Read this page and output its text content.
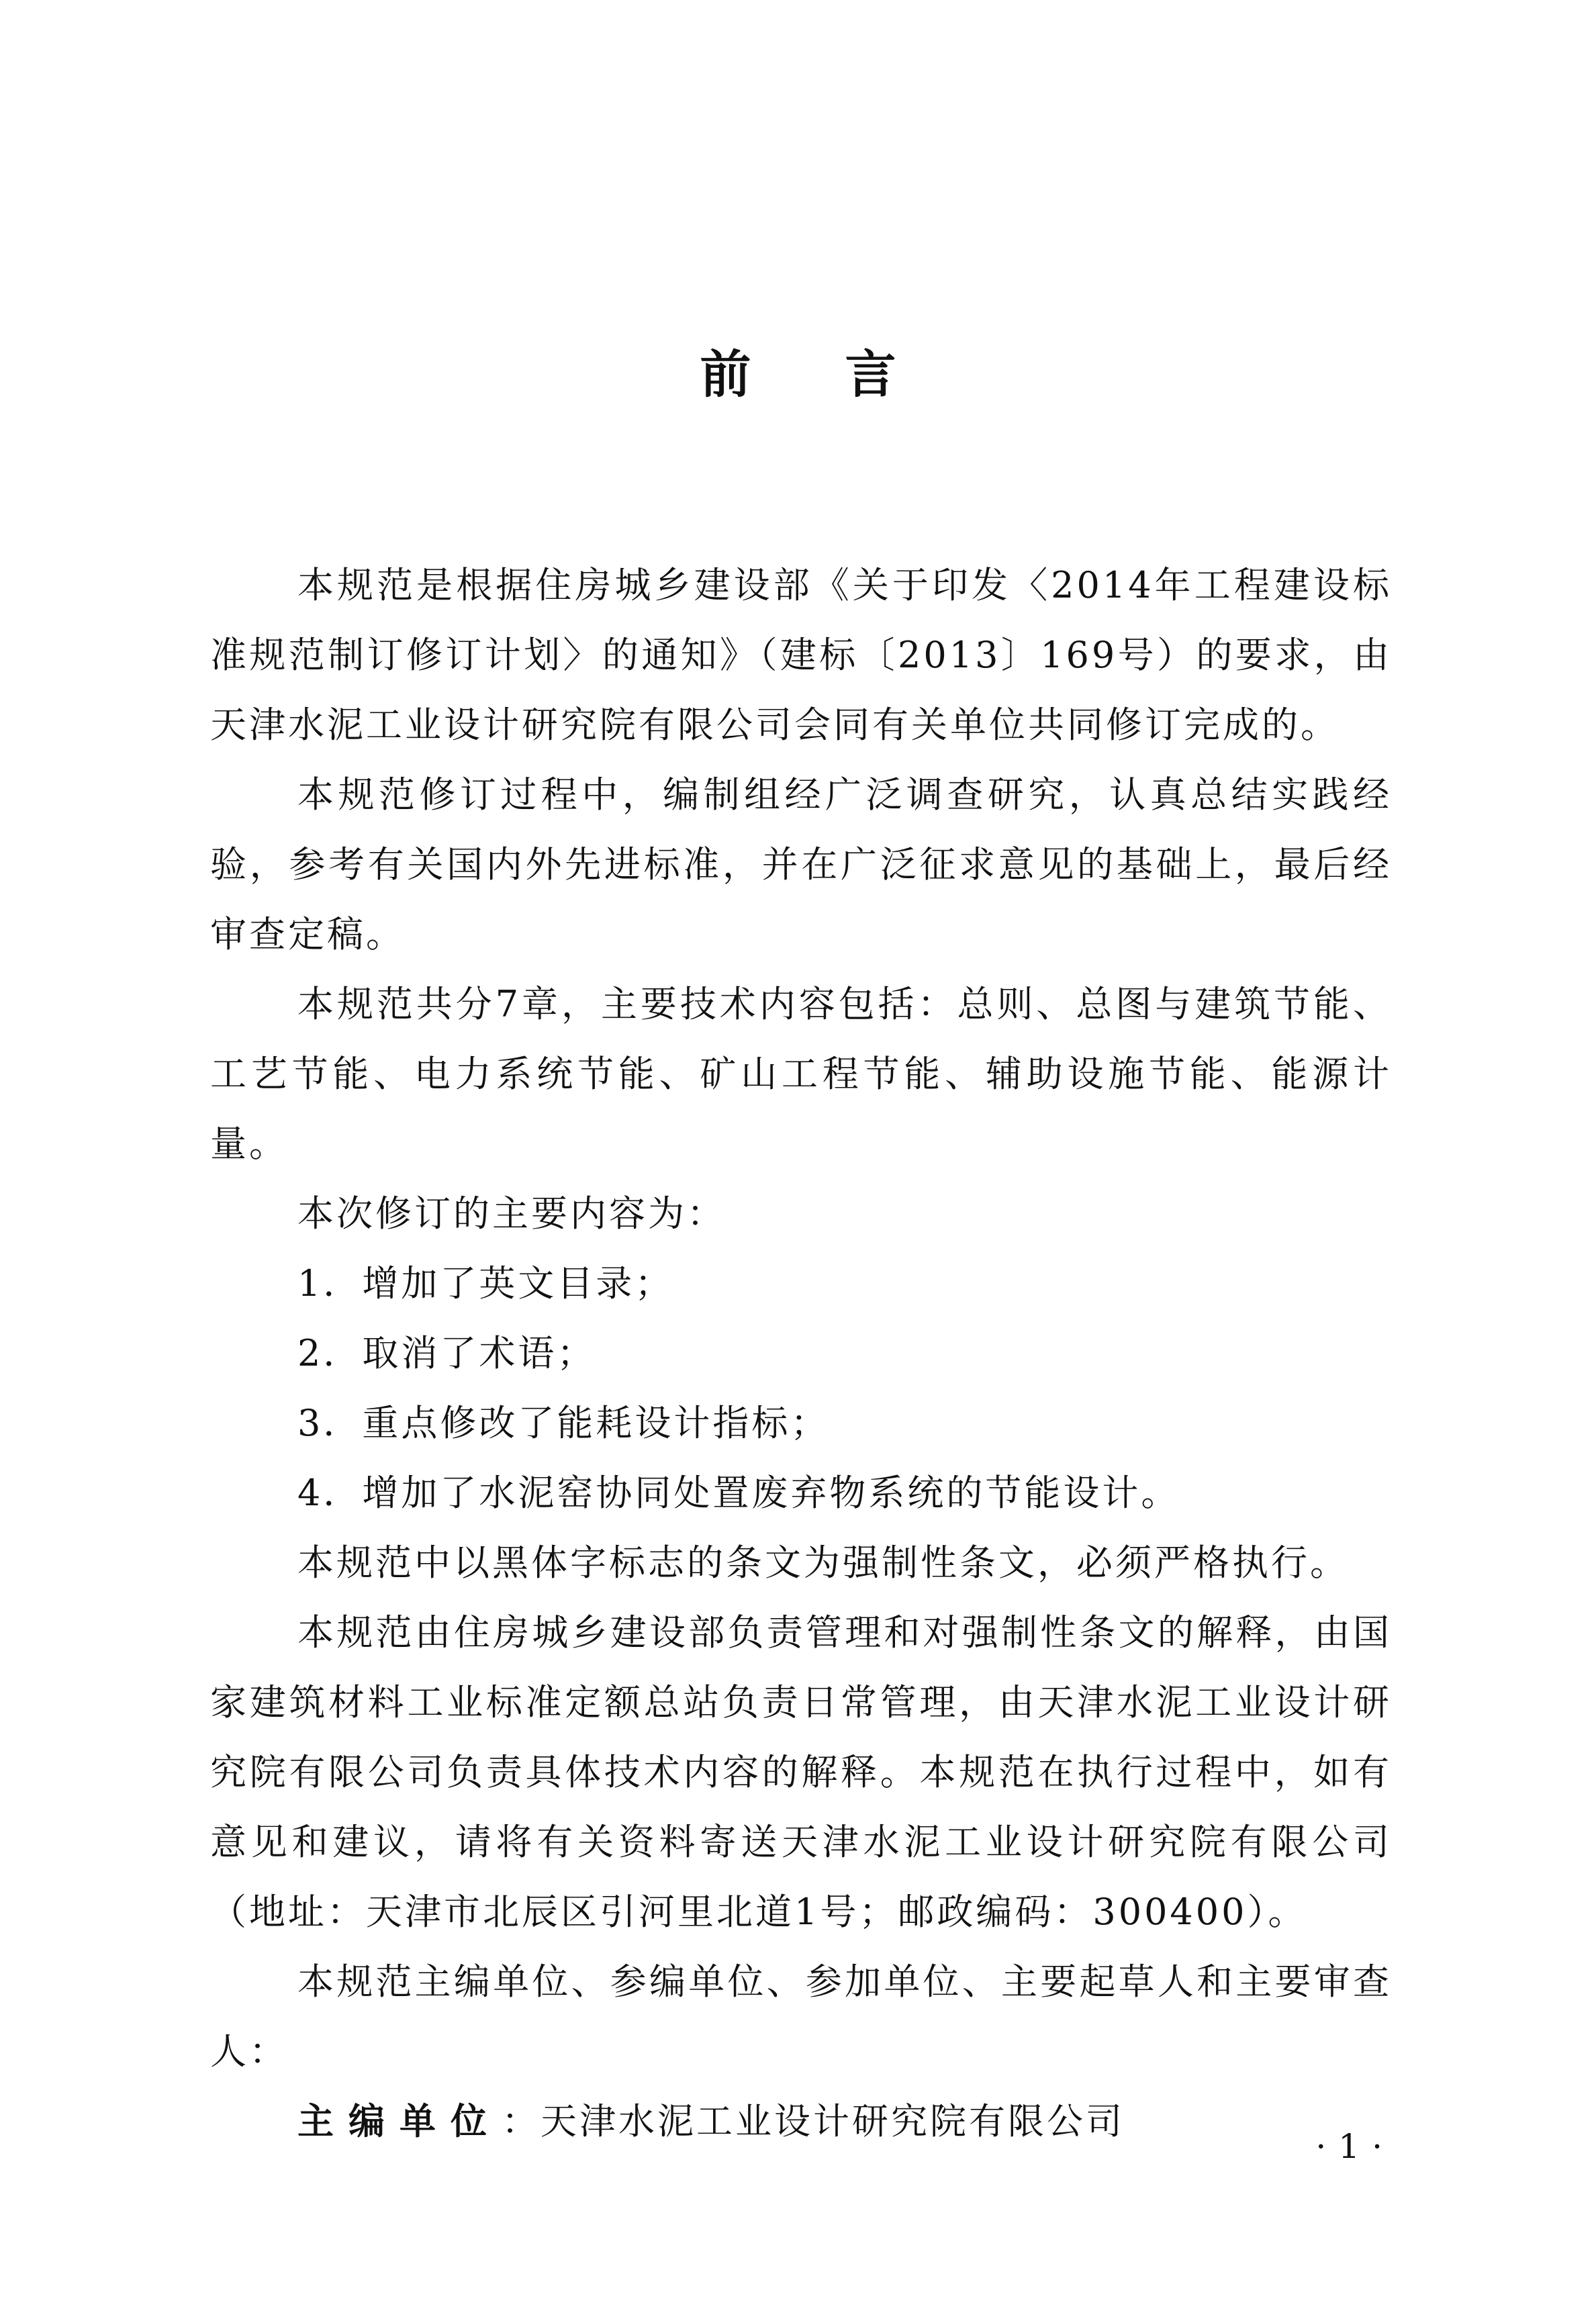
前言

本规范是根据住房城乡建设部《关于印发〈2014年工程建设标准规范制订修订计划〉的通知》（建标〔2013〕169号）的要求，由天津水泥工业设计研究院有限公司会同有关单位共同修订完成的。

本规范修订过程中，编制组经广泛调查研究，认真总结实践经验，参考有关国内外先进标准，并在广泛征求意见的基础上，最后经审查定稿。

本规范共分7章，主要技术内容包括：总则、总图与建筑节能、工艺节能、电力系统节能、矿山工程节能、辅助设施节能、能源计量。

本次修订的主要内容为：

1．增加了英文目录；

2．取消了术语；

3．重点修改了能耗设计指标；

4．增加了水泥窑协同处置废弃物系统的节能设计。

本规范中以黑体字标志的条文为强制性条文，必须严格执行。

本规范由住房城乡建设部负责管理和对强制性条文的解释，由国家建筑材料工业标准定额总站负责日常管理，由天津水泥工业设计研究院有限公司负责具体技术内容的解释。本规范在执行过程中，如有意见和建议，请将有关资料寄送天津水泥工业设计研究院有限公司（地址：天津市北辰区引河里北道1号；邮政编码：300400）。

本规范主编单位、参编单位、参加单位、主要起草人和主要审查人：

主编单位：天津水泥工业设计研究院有限公司

·1·
